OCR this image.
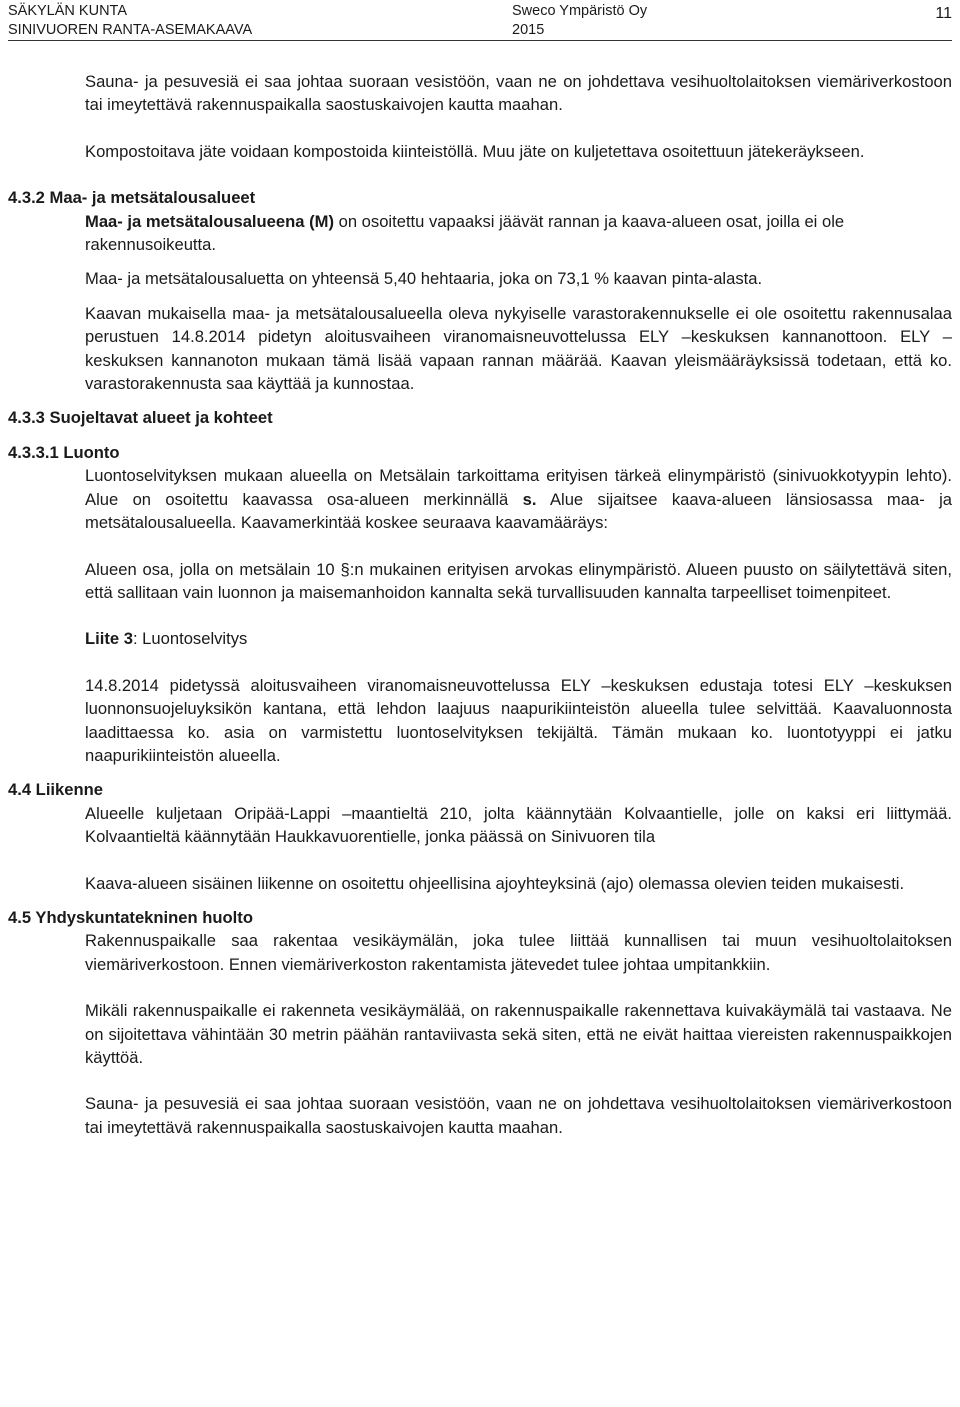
SÄKYLÄN KUNTA
SINIVUOREN RANTA-ASEMAKAAVA
Sweco Ympäristö Oy
2015
11

Sauna- ja pesuvesiä ei saa johtaa suoraan vesistöön, vaan ne on johdettava vesihuoltolaitoksen viemäriverkostoon tai imeytettävä rakennuspaikalla saostuskaivojen kautta maahan.

Kompostoitava jäte voidaan kompostoida kiinteistöllä. Muu jäte on kuljetettava osoitettuun jätekeräykseen.

4.3.2 Maa- ja metsätalousalueet

Maa- ja metsätalousalueena (M) on osoitettu vapaaksi jäävät rannan ja kaava-alueen osat, joilla ei ole rakennusoikeutta.

Maa- ja metsätalousaluetta on yhteensä 5,40 hehtaaria, joka on 73,1 % kaavan pinta-alasta.

Kaavan mukaisella maa- ja metsätalousalueella oleva nykyiselle varastorakennukselle ei ole osoitettu rakennusalaa perustuen 14.8.2014 pidetyn aloitusvaiheen viranomaisneuvottelussa ELY –keskuksen kannanottoon. ELY –keskuksen kannanoton mukaan tämä lisää vapaan rannan määrää. Kaavan yleismääräyksissä todetaan, että ko. varastorakennusta saa käyttää ja kunnostaa.

4.3.3 Suojeltavat alueet ja kohteet
4.3.3.1 Luonto

Luontoselvityksen mukaan alueella on Metsälain tarkoittama erityisen tärkeä elinympäristö (sinivuokkotyypin lehto). Alue on osoitettu kaavassa osa-alueen merkinnällä s. Alue sijaitsee kaava-alueen länsiosassa maa- ja metsätalousalueella. Kaavamerkintää koskee seuraava kaavamääräys:

Alueen osa, jolla on metsälain 10 §:n mukainen erityisen arvokas elinympäristö. Alueen puusto on säilytettävä siten, että sallitaan vain luonnon ja maisemanhoidon kannalta sekä turvallisuuden kannalta tarpeelliset toimenpiteet.

Liite 3: Luontoselvitys

14.8.2014 pidetyssä aloitusvaiheen viranomaisneuvottelussa ELY –keskuksen edustaja totesi ELY –keskuksen luonnonsuojeluyksikön kantana, että lehdon laajuus naapurikiinteistön alueella tulee selvittää. Kaavaluonnosta laadittaessa ko. asia on varmistettu luontoselvityksen tekijältä. Tämän mukaan ko. luontotyyppi ei jatku naapurikiinteistön alueella.

4.4 Liikenne

Alueelle kuljetaan Oripää-Lappi –maantieltä 210, jolta käännytään Kolvaantielle, jolle on kaksi eri liittymää. Kolvaantieltä käännytään Haukkavuorentielle, jonka päässä on Sinivuoren tila

Kaava-alueen sisäinen liikenne on osoitettu ohjeellisina ajoyhteyksinä (ajo) olemassa olevien teiden mukaisesti.

4.5 Yhdyskuntatekninen huolto

Rakennuspaikalle saa rakentaa vesikäymälän, joka tulee liittää kunnallisen tai muun vesihuoltolaitoksen viemäriverkostoon. Ennen viemäriverkoston rakentamista jätevedet tulee johtaa umpitankkiin.

Mikäli rakennuspaikalle ei rakenneta vesikäymälää, on rakennuspaikalle rakennettava kuivakäymälä tai vastaava. Ne on sijoitettava vähintään 30 metrin päähän rantaviivasta sekä siten, että ne eivät haittaa viereisten rakennuspaikkojen käyttöä.

Sauna- ja pesuvesiä ei saa johtaa suoraan vesistöön, vaan ne on johdettava vesihuoltolaitoksen viemäriverkostoon tai imeytettävä rakennuspaikalla saostuskaivojen kautta maahan.
